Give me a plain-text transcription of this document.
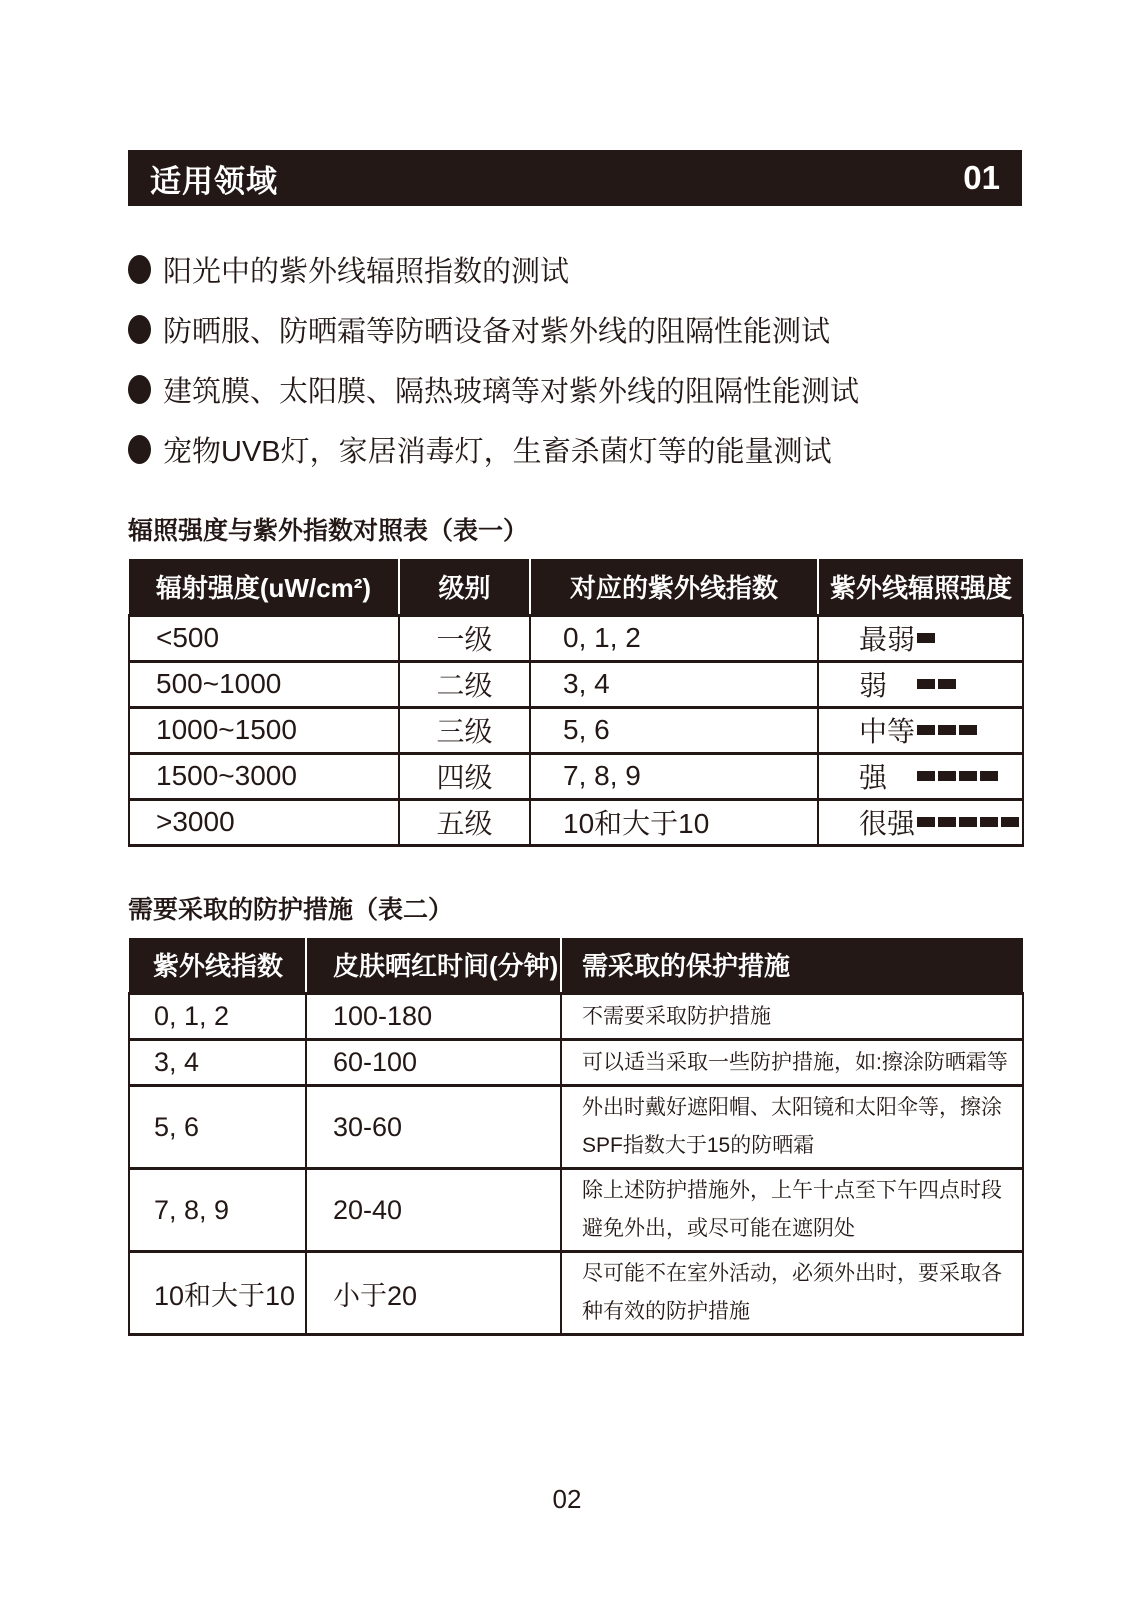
适用领域	01
阳光中的紫外线辐照指数的测试
防晒服、防晒霜等防晒设备对紫外线的阻隔性能测试
建筑膜、太阳膜、隔热玻璃等对紫外线的阻隔性能测试
宠物UVB灯，家居消毒灯，生畜杀菌灯等的能量测试
辐照强度与紫外指数对照表（表一）
辐射强度(uW/cm²)	级别	对应的紫外线指数	紫外线辐照强度
<500	一级	0, 1, 2	最弱

500~1000	二级	3, 4	弱

1000~1500	三级	5, 6	中等

1500~3000	四级	7, 8, 9	强

>3000	五级	10和大于10	很强
需要采取的防护措施（表二）
紫外线指数	皮肤晒红时间(分钟)	需采取的保护措施
0, 1, 2	100-180	不需要采取防护措施
3, 4	60-100	可以适当采取一些防护措施，如:擦涂防晒霜等
5, 6	30-60	外出时戴好遮阳帽、太阳镜和太阳伞等，擦涂SPF指数大于15的防晒霜
7, 8, 9	20-40	除上述防护措施外，上午十点至下午四点时段避免外出，或尽可能在遮阴处
10和大于10	小于20	尽可能不在室外活动，必须外出时，要采取各种有效的防护措施
02
